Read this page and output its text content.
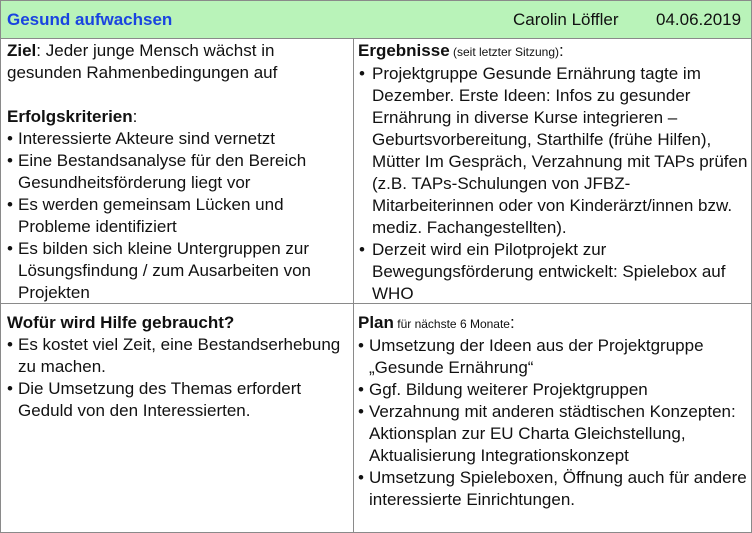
Gesund aufwachsen	Carolin Löffler 04.06.2019

Ziel: Jeder junge Mensch wächst in gesunden Rahmenbedingungen auf

Erfolgskriterien:

• Interessierte Akteure sind vernetzt
• Eine Bestandsanalyse für den Bereich Gesundheitsförderung liegt vor
• Es werden gemeinsam Lücken und Probleme identifiziert
• Es bilden sich kleine Untergruppen zur Lösungsfindung / zum Ausarbeiten von Projekten

Ergebnisse (seit letzter Sitzung):

• Projektgruppe Gesunde Ernährung tagte im Dezember. Erste Ideen: Infos zu gesunder Ernährung in diverse Kurse integrieren – Geburtsvorbereitung, Starthilfe (frühe Hilfen), Mütter Im Gespräch, Verzahnung mit TAPs prüfen (z.B. TAPs-Schulungen von JFBZ-Mitarbeiterinnen oder von Kinderärzt/innen bzw. mediz. Fachangestellten).
• Derzeit wird ein Pilotprojekt zur Bewegungsförderung entwickelt: Spielebox auf WHO

Wofür wird Hilfe gebraucht?

• Es kostet viel Zeit, eine Bestandserhebung zu machen.
• Die Umsetzung des Themas erfordert Geduld von den Interessierten.

Plan für nächste 6 Monate:

• Umsetzung der Ideen aus der Projektgruppe „Gesunde Ernährung“
• Ggf. Bildung weiterer Projektgruppen
• Verzahnung mit anderen städtischen Konzepten: Aktionsplan zur EU Charta Gleichstellung, Aktualisierung Integrationskonzept
• Umsetzung Spieleboxen, Öffnung auch für andere interessierte Einrichtungen.
